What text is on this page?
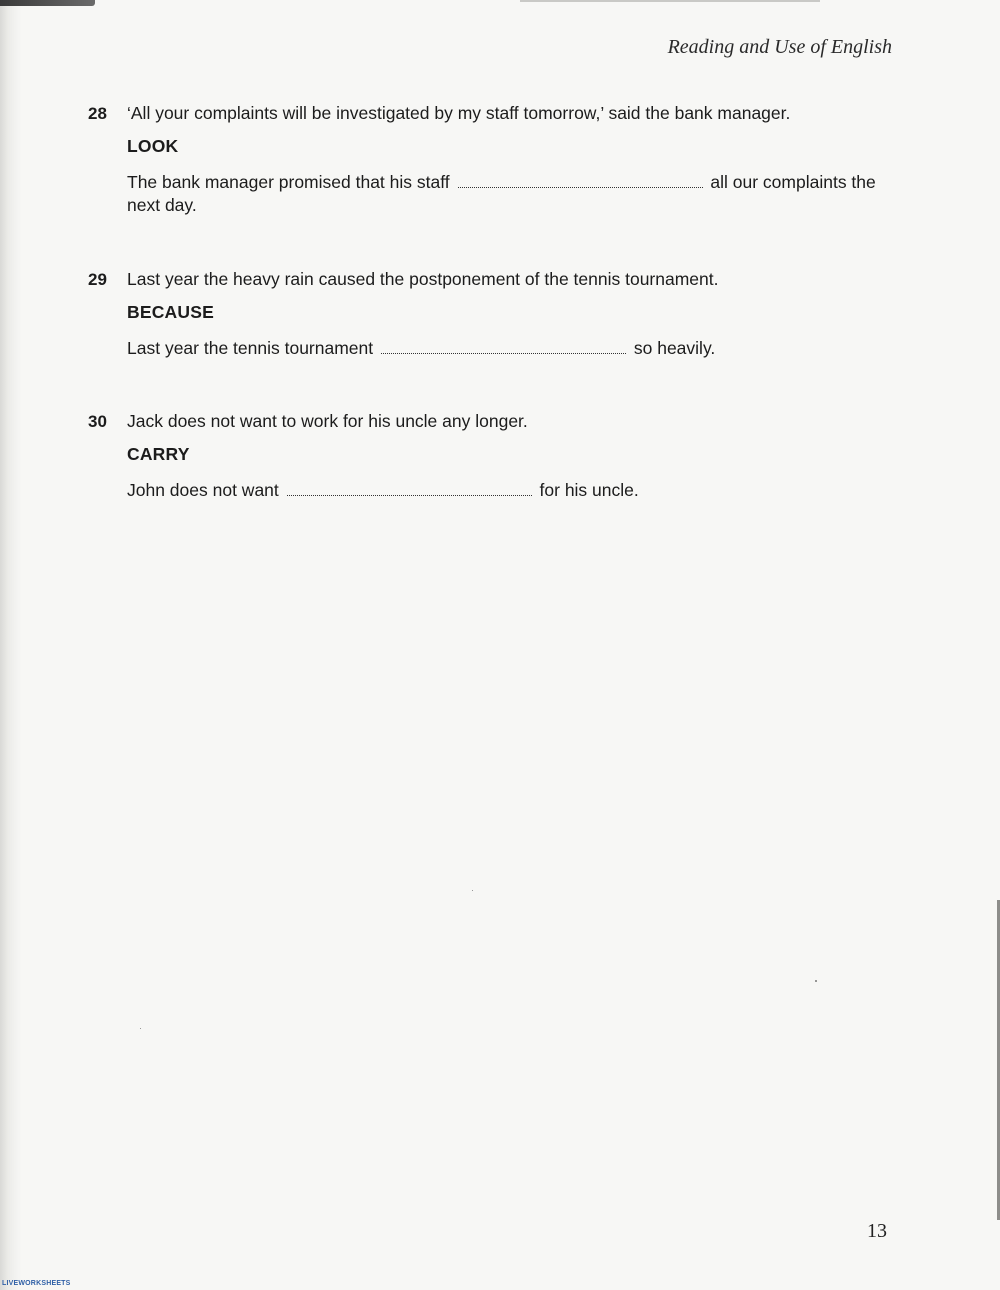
Reading and Use of English
28	‘All your complaints will be investigated by my staff tomorrow,’ said the bank manager.
LOOK
The bank manager promised that his staff	all our complaints the next day.
29	Last year the heavy rain caused the postponement of the tennis tournament.
BECAUSE
Last year the tennis tournament	so heavily.
30	Jack does not want to work for his uncle any longer.
CARRY
John does not want	for his uncle.
13
LIVEWORKSHEETS
